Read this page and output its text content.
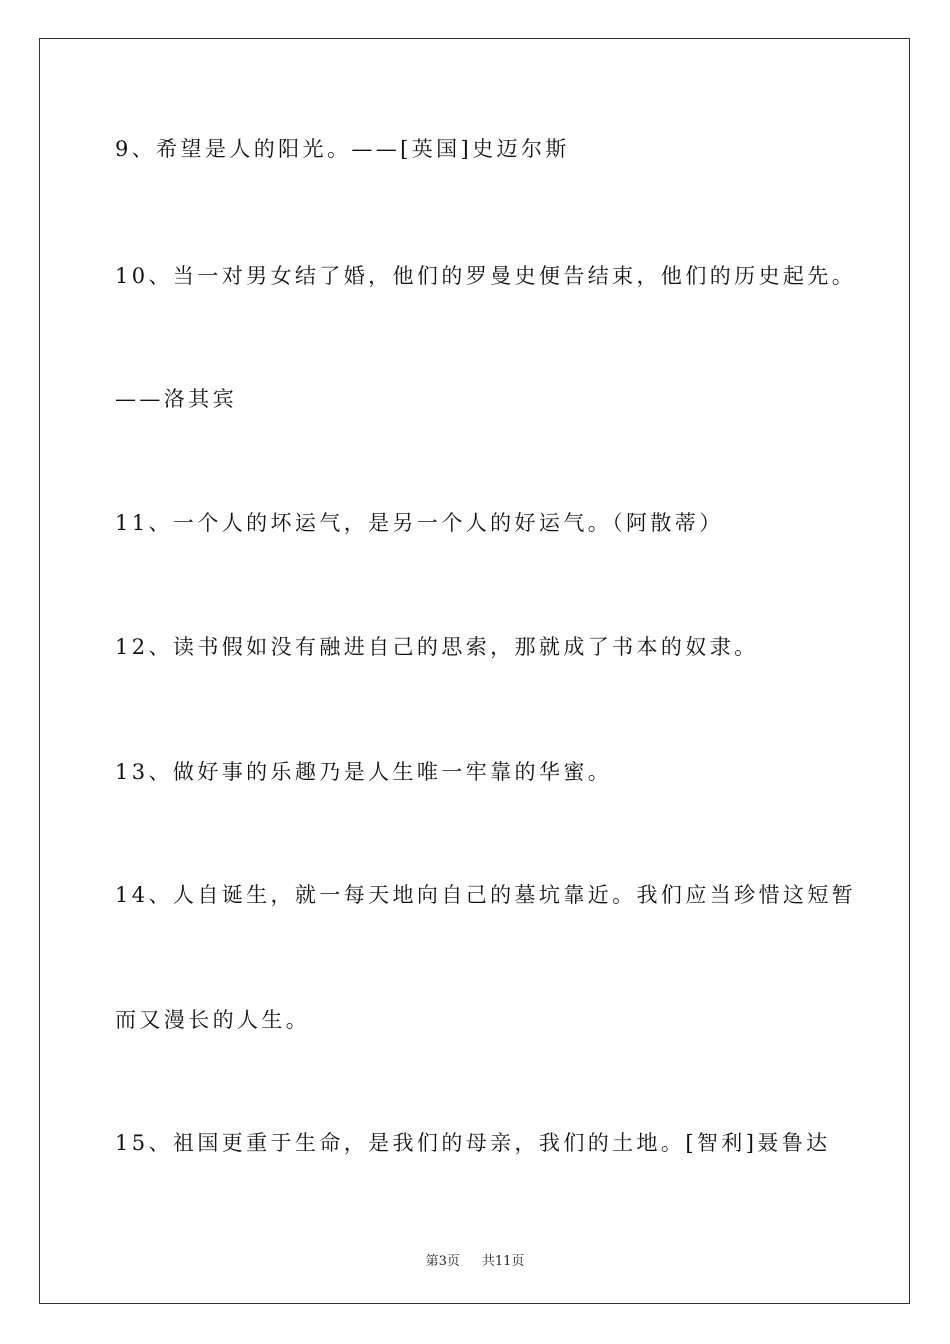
9、希望是人的阳光。——[英国]史迈尔斯
10、当一对男女结了婚，他们的罗曼史便告结束，他们的历史起先。
——洛其宾
11、一个人的坏运气，是另一个人的好运气。（阿散蒂）
12、读书假如没有融进自己的思索，那就成了书本的奴隶。
13、做好事的乐趣乃是人生唯一牢靠的华蜜。
14、人自诞生，就一每天地向自己的墓坑靠近。我们应当珍惜这短暂
而又漫长的人生。
15、祖国更重于生命，是我们的母亲，我们的土地。[智利]聂鲁达
第3页 共11页
